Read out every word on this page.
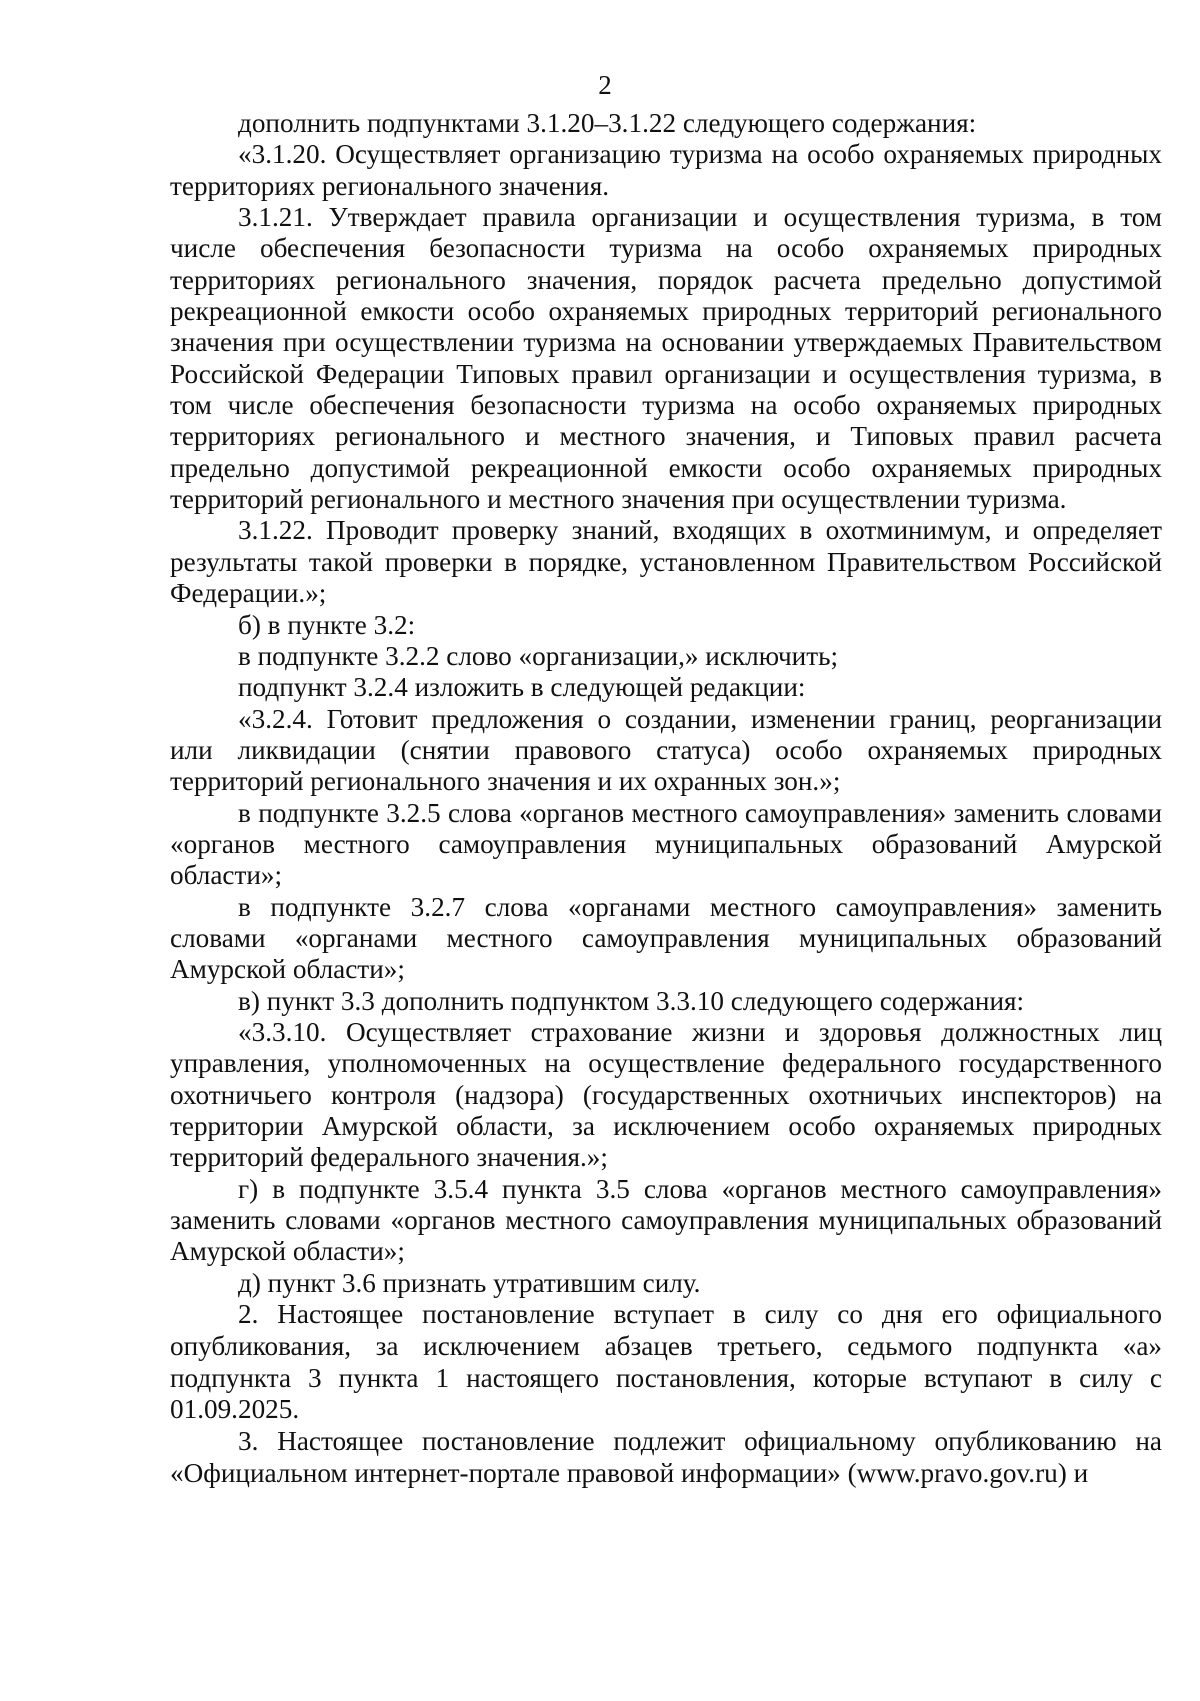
2

дополнить подпунктами 3.1.20–3.1.22 следующего содержания:

«3.1.20. Осуществляет организацию туризма на особо охраняемых природных территориях регионального значения.

3.1.21. Утверждает правила организации и осуществления туризма, в том числе обеспечения безопасности туризма на особо охраняемых природных территориях регионального значения, порядок расчета предельно допустимой рекреационной емкости особо охраняемых природных территорий регионального значения при осуществлении туризма на основании утверждаемых Правительством Российской Федерации Типовых правил организации и осуществления туризма, в том числе обеспечения безопасности туризма на особо охраняемых природных территориях регионального и местного значения, и Типовых правил расчета предельно допустимой рекреационной емкости особо охраняемых природных территорий регионального и местного значения при осуществлении туризма.

3.1.22. Проводит проверку знаний, входящих в охотминимум, и определяет результаты такой проверки в порядке, установленном Правительством Российской Федерации.»;

б) в пункте 3.2:

в подпункте 3.2.2 слово «организации,» исключить;

подпункт 3.2.4 изложить в следующей редакции:

«3.2.4. Готовит предложения о создании, изменении границ, реорганизации или ликвидации (снятии правового статуса) особо охраняемых природных территорий регионального значения и их охранных зон.»;

в подпункте 3.2.5 слова «органов местного самоуправления» заменить словами «органов местного самоуправления муниципальных образований Амурской области»;

в подпункте 3.2.7 слова «органами местного самоуправления» заменить словами «органами местного самоуправления муниципальных образований Амурской области»;

в) пункт 3.3 дополнить подпунктом 3.3.10 следующего содержания:

«3.3.10. Осуществляет страхование жизни и здоровья должностных лиц управления, уполномоченных на осуществление федерального государственного охотничьего контроля (надзора) (государственных охотничьих инспекторов) на территории Амурской области, за исключением особо охраняемых природных территорий федерального значения.»;

г) в подпункте 3.5.4 пункта 3.5 слова «органов местного самоуправления» заменить словами «органов местного самоуправления муниципальных образований Амурской области»;

д) пункт 3.6 признать утратившим силу.

2. Настоящее постановление вступает в силу со дня его официального опубликования, за исключением абзацев третьего, седьмого подпункта «а» подпункта 3 пункта 1 настоящего постановления, которые вступают в силу с 01.09.2025.

3. Настоящее постановление подлежит официальному опубликованию на «Официальном интернет-портале правовой информации» (www.pravo.gov.ru) и
